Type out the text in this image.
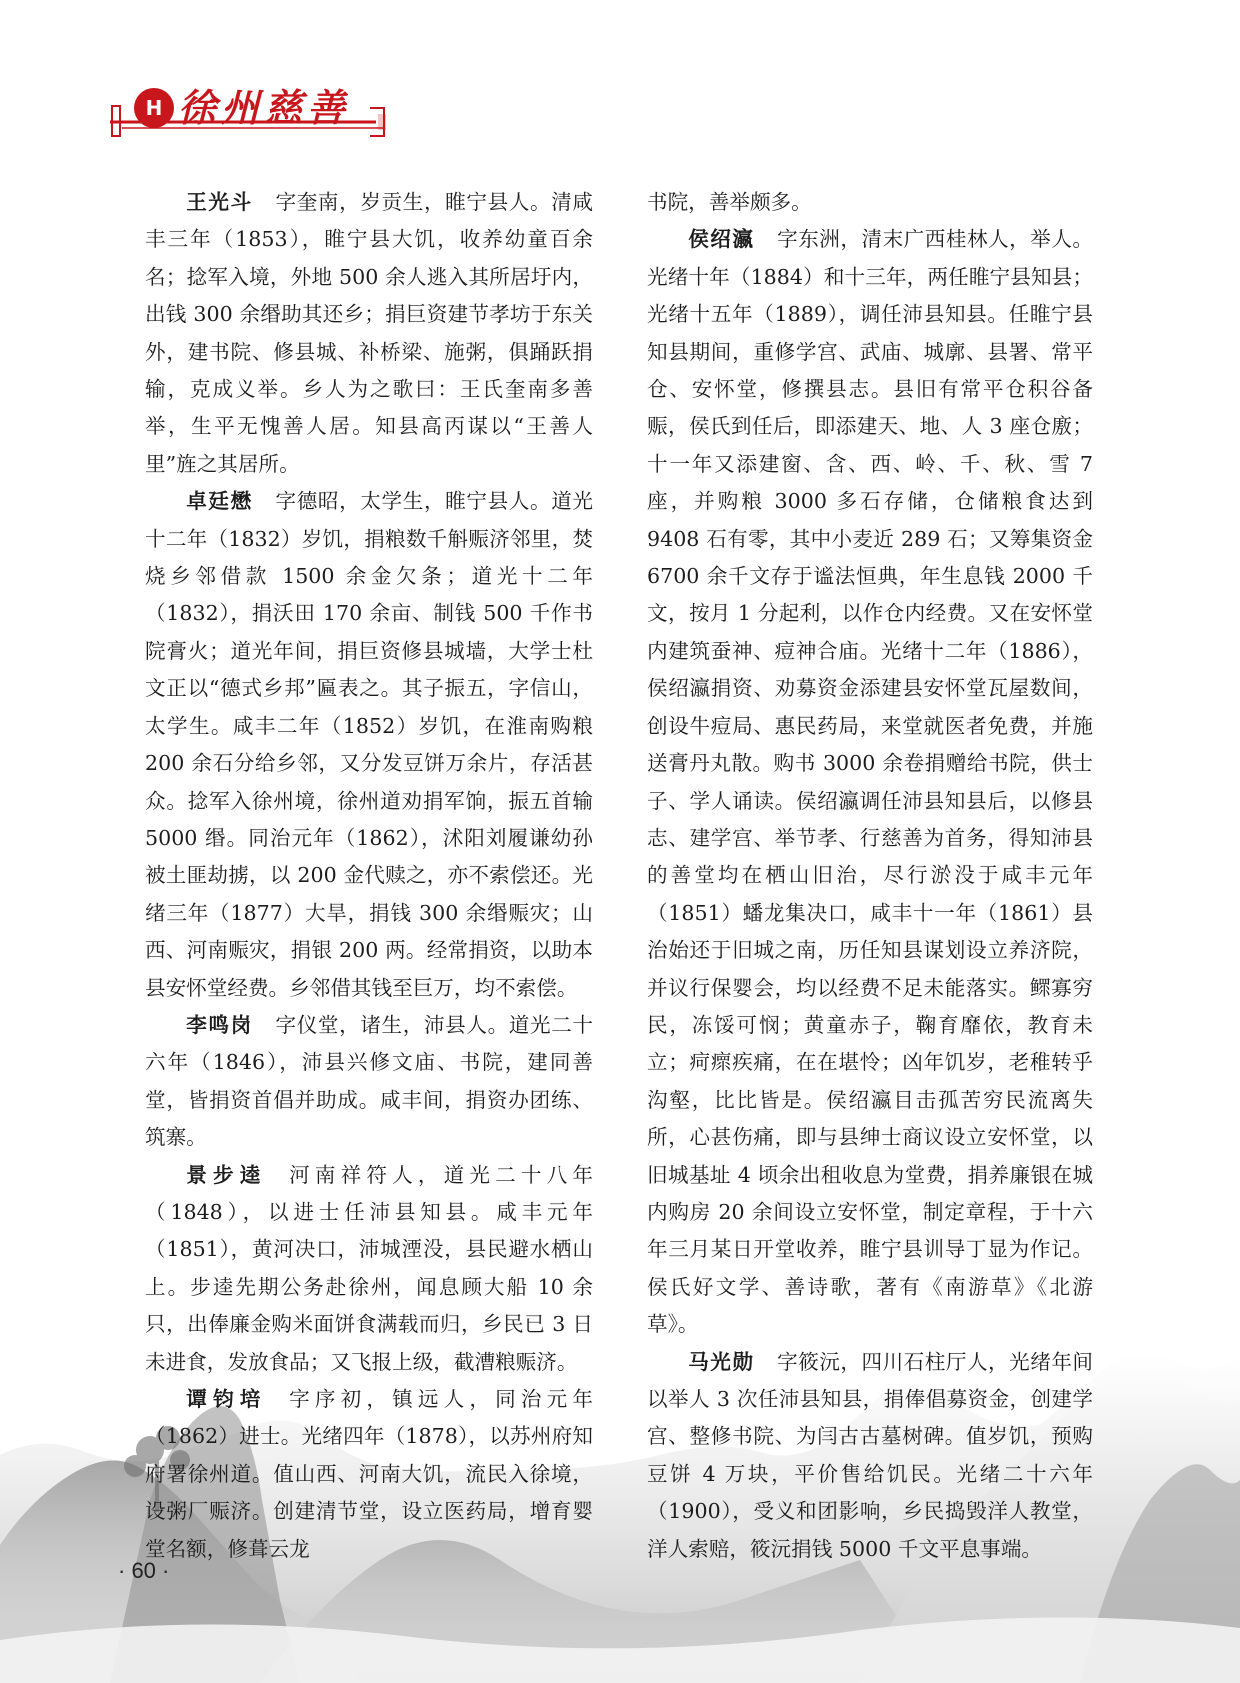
H 徐州慈善

王光斗 字奎南，岁贡生，睢宁县人。清咸丰三年（1853），睢宁县大饥，收养幼童百余名；捻军入境，外地 500 余人逃入其所居圩内，出钱 300 余缗助其还乡；捐巨资建节孝坊于东关外，建书院、修县城、补桥梁、施粥，俱踊跃捐输，克成义举。乡人为之歌曰：王氏奎南多善举，生平无愧善人居。知县高丙谋以“王善人里”旌之其居所。

卓廷懋 字德昭，太学生，睢宁县人。道光十二年（1832）岁饥，捐粮数千斛赈济邻里，焚烧乡邻借款 1500 余金欠条；道光十二年（1832），捐沃田 170 余亩、制钱 500 千作书院膏火；道光年间，捐巨资修县城墙，大学士杜文正以“德式乡邦”匾表之。其子振五，字信山，太学生。咸丰二年（1852）岁饥，在淮南购粮 200 余石分给乡邻，又分发豆饼万余片，存活甚众。捻军入徐州境，徐州道劝捐军饷，振五首输 5000 缗。同治元年（1862），沭阳刘履谦幼孙被土匪劫掳，以 200 金代赎之，亦不索偿还。光绪三年（1877）大旱，捐钱 300 余缗赈灾；山西、河南赈灾，捐银 200 两。经常捐资，以助本县安怀堂经费。乡邻借其钱至巨万，均不索偿。

李鸣岗 字仪堂，诸生，沛县人。道光二十六年（1846），沛县兴修文庙、书院，建同善堂，皆捐资首倡并助成。咸丰间，捐资办团练、筑寨。

景步逵 河南祥符人，道光二十八年（1848），以进士任沛县知县。咸丰元年（1851），黄河决口，沛城湮没，县民避水栖山上。步逵先期公务赴徐州，闻息顾大船 10 余只，出俸廉金购米面饼食满载而归，乡民已 3 日未进食，发放食品；又飞报上级，截漕粮赈济。

谭钧培 字序初，镇远人，同治元年（1862）进士。光绪四年（1878），以苏州府知府署徐州道。值山西、河南大饥，流民入徐境，设粥厂赈济。创建清节堂，设立医药局，增育婴堂名额，修葺云龙

书院，善举颇多。

侯绍瀛 字东洲，清末广西桂林人，举人。光绪十年（1884）和十三年，两任睢宁县知县；光绪十五年（1889），调任沛县知县。任睢宁县知县期间，重修学宫、武庙、城廓、县署、常平仓、安怀堂，修撰县志。县旧有常平仓积谷备赈，侯氏到任后，即添建天、地、人 3 座仓廒；十一年又添建窗、含、西、岭、千、秋、雪 7 座，并购粮 3000 多石存储，仓储粮食达到 9408 石有零，其中小麦近 289 石；又筹集资金 6700 余千文存于谧法恒典，年生息钱 2000 千文，按月 1 分起利，以作仓内经费。又在安怀堂内建筑蚕神、痘神合庙。光绪十二年（1886），侯绍瀛捐资、劝募资金添建县安怀堂瓦屋数间，创设牛痘局、惠民药局，来堂就医者免费，并施送膏丹丸散。购书 3000 余卷捐赠给书院，供士子、学人诵读。侯绍瀛调任沛县知县后，以修县志、建学宫、举节孝、行慈善为首务，得知沛县的善堂均在栖山旧治，尽行淤没于咸丰元年（1851）蟠龙集决口，咸丰十一年（1861）县治始还于旧城之南，历任知县谋划设立养济院，并议行保婴会，均以经费不足未能落实。鳏寡穷民，冻馁可悯；黄童赤子，鞠育靡依，教育未立；疴瘝疾痛，在在堪怜；凶年饥岁，老稚转乎沟壑，比比皆是。侯绍瀛目击孤苦穷民流离失所，心甚伤痛，即与县绅士商议设立安怀堂，以旧城基址 4 顷余出租收息为堂费，捐养廉银在城内购房 20 余间设立安怀堂，制定章程，于十六年三月某日开堂收养，睢宁县训导丁显为作记。侯氏好文学、善诗歌，著有《南游草》《北游草》。

马光勋 字筱沅，四川石柱厅人，光绪年间以举人 3 次任沛县知县，捐俸倡募资金，创建学宫、整修书院、为闫古古墓树碑。值岁饥，预购豆饼 4 万块，平价售给饥民。光绪二十六年（1900），受义和团影响，乡民捣毁洋人教堂，洋人索赔，筱沅捐钱 5000 千文平息事端。

· 60 ·
